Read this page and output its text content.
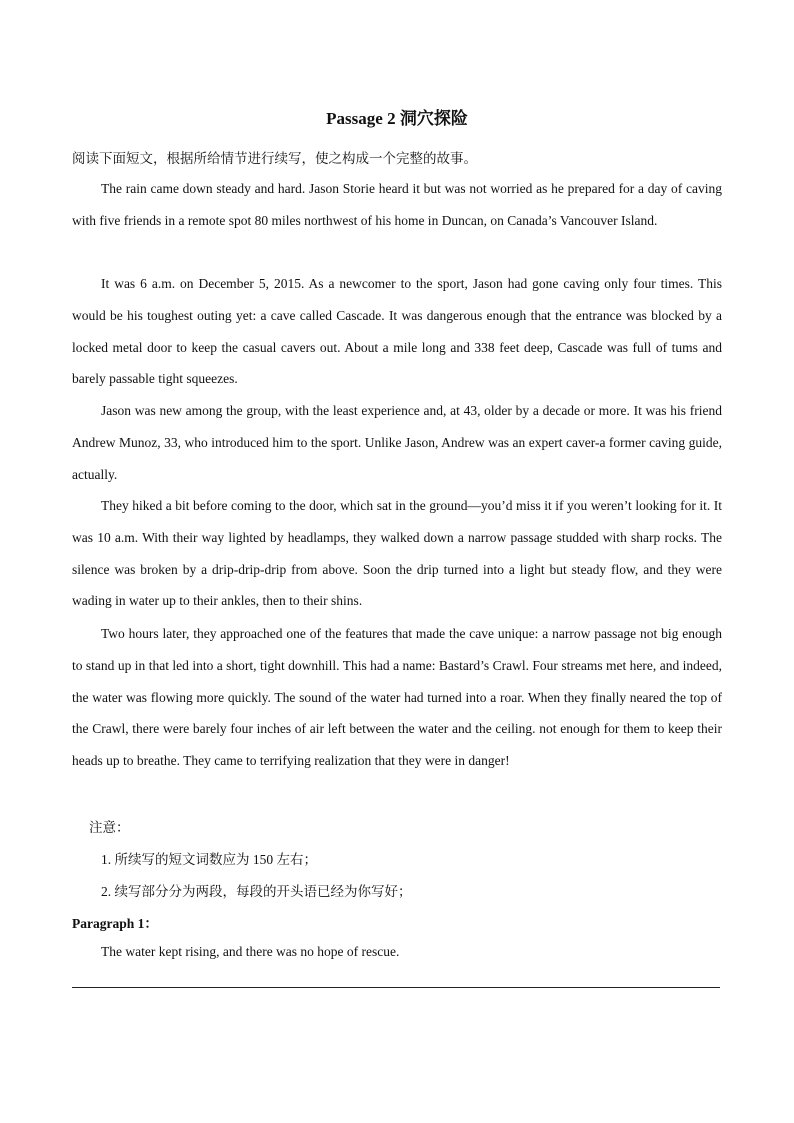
Passage 2 洞穴探险
阅读下面短文，根据所给情节进行续写，使之构成一个完整的故事。

The rain came down steady and hard. Jason Storie heard it but was not worried as he prepared for a day of caving with five friends in a remote spot 80 miles northwest of his home in Duncan, on Canada’s Vancouver Island.

It was 6 a.m. on December 5, 2015. As a newcomer to the sport, Jason had gone caving only four times. This would be his toughest outing yet: a cave called Cascade. It was dangerous enough that the entrance was blocked by a locked metal door to keep the casual cavers out. About a mile long and 338 feet deep, Cascade was full of tums and barely passable tight squeezes.

Jason was new among the group, with the least experience and, at 43, older by a decade or more. It was his friend Andrew Munoz, 33, who introduced him to the sport. Unlike Jason, Andrew was an expert caver-a former caving guide, actually.

They hiked a bit before coming to the door, which sat in the ground—you’d miss it if you weren’t looking for it. It was 10 a.m. With their way lighted by headlamps, they walked down a narrow passage studded with sharp rocks. The silence was broken by a drip-drip-drip from above. Soon the drip turned into a light but steady flow, and they were wading in water up to their ankles, then to their shins.

Two hours later, they approached one of the features that made the cave unique: a narrow passage not big enough to stand up in that led into a short, tight downhill. This had a name: Bastard’s Crawl. Four streams met here, and indeed, the water was flowing more quickly. The sound of the water had turned into a roar. When they finally neared the top of the Crawl, there were barely four inches of air left between the water and the ceiling. not enough for them to keep their heads up to breathe. They came to terrifying realization that they were in danger!

注意：
1. 所续写的短文词数应为 150 左右；
2. 续写部分分为两段，每段的开头语已经为你写好；
Paragraph 1：
The water kept rising, and there was no hope of rescue.
